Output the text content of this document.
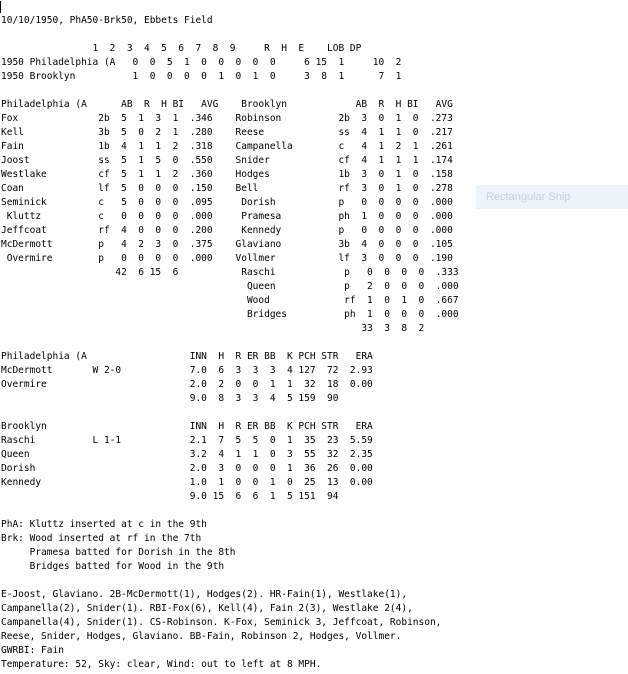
10/10/1950, PhA50-Brk50, Ebbets Field

1  2  3  4  5  6  7  8  9     R  H  E    LOB DP
1950 Philadelphia (A   0  0  5  1  0  0  0  0  0     6 15  1     10  2
1950 Brooklyn          1  0  0  0  0  1  0  1  0     3  8  1      7  1

Philadelphia (A      AB  R  H BI   AVG    Brooklyn            AB  R  H BI   AVG
Fox              2b  5  1  3  1  .346    Robinson          2b  3  0  1  0  .273
Kell             3b  5  0  2  1  .280    Reese             ss  4  1  1  0  .217
Fain             1b  4  1  1  2  .318    Campanella        c   4  1  2  1  .261
Joost            ss  5  1  5  0  .550    Snider            cf  4  1  1  1  .174
Westlake         cf  5  1  1  2  .360    Hodges            1b  3  0  1  0  .158
Coan             lf  5  0  0  0  .150    Bell              rf  3  0  1  0  .278
Seminick         c   5  0  0  0  .095     Dorish           p   0  0  0  0  .000
Kluttz          c   0  0  0  0  .000     Pramesa          ph  1  0  0  0  .000
Jeffcoat         rf  4  0  0  0  .200     Kennedy          p   0  0  0  0  .000
McDermott        p   4  2  3  0  .375    Glaviano          3b  4  0  0  0  .105
Overmire        p   0  0  0  0  .000    Vollmer           lf  3  0  0  0  .190
42  6 15  6           Raschi            p   0  0  0  0  .333
Queen            p   2  0  0  0  .000
Wood             rf  1  0  1  0  .667
Bridges          ph  1  0  0  0  .000
33  3  8  2

Philadelphia (A                  INN  H  R ER BB  K PCH STR   ERA
McDermott       W 2-0            7.0  6  3  3  3  4 127  72  2.93
Overmire                         2.0  2  0  0  1  1  32  18  0.00
9.0  8  3  3  4  5 159  90

Brooklyn                         INN  H  R ER BB  K PCH STR   ERA
Raschi          L 1-1            2.1  7  5  5  0  1  35  23  5.59
Queen                            3.2  4  1  1  0  3  55  32  2.35
Dorish                           2.0  3  0  0  0  1  36  26  0.00
Kennedy                          1.0  1  0  0  1  0  25  13  0.00
9.0 15  6  6  1  5 151  94

PhA: Kluttz inserted at c in the 9th
Brk: Wood inserted at rf in the 7th
Pramesa batted for Dorish in the 8th
Bridges batted for Wood in the 9th

E-Joost, Glaviano. 2B-McDermott(1), Hodges(2). HR-Fain(1), Westlake(1),
Campanella(2), Snider(1). RBI-Fox(6), Kell(4), Fain 2(3), Westlake 2(4),
Campanella(4), Snider(1). CS-Robinson. K-Fox, Seminick 3, Jeffcoat, Robinson,
Reese, Snider, Hodges, Glaviano. BB-Fain, Robinson 2, Hodges, Vollmer.
GWRBI: Fain
Temperature: 52, Sky: clear, Wind: out to left at 8 MPH.
Rectangular Snip
